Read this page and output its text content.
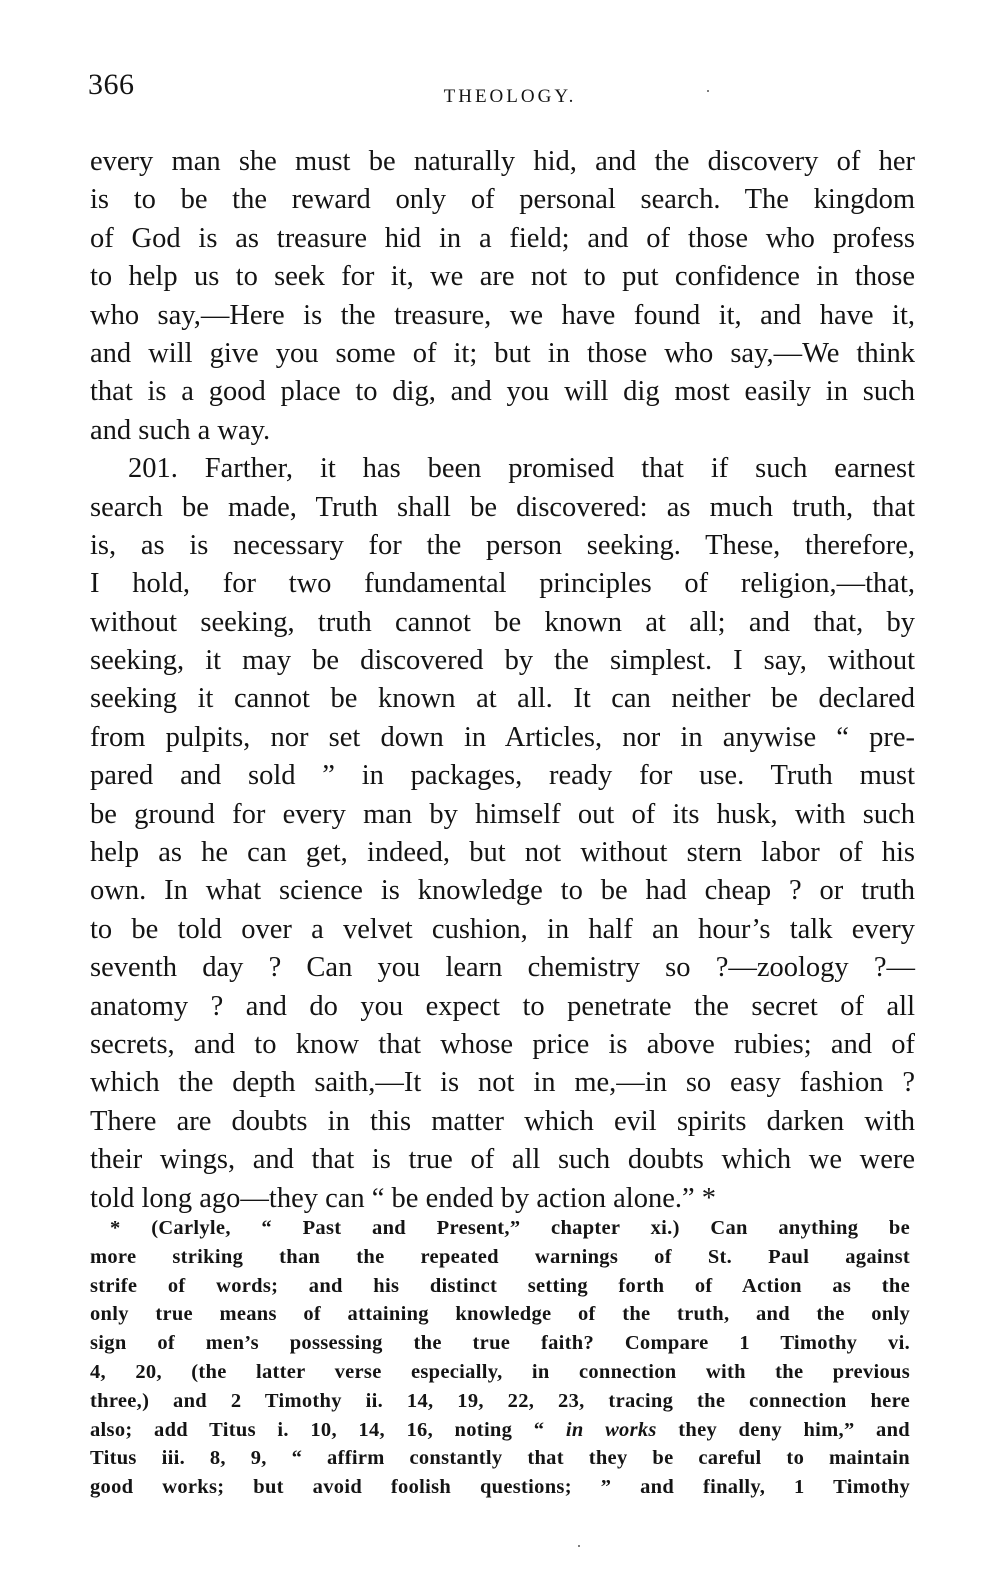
366	THEOLOGY.
every man she must be naturally hid, and the discovery of her
is to be the reward only of personal search. The kingdom
of God is as treasure hid in a field; and of those who profess
to help us to seek for it, we are not to put confidence in those
who say,—Here is the treasure, we have found it, and have it,
and will give you some of it; but in those who say,—We think
that is a good place to dig, and you will dig most easily in such
and such a way.
201. Farther, it has been promised that if such earnest
search be made, Truth shall be discovered: as much truth, that
is, as is necessary for the person seeking. These, therefore,
I hold, for two fundamental principles of religion,—that,
without seeking, truth cannot be known at all; and that, by
seeking, it may be discovered by the simplest. I say, without
seeking it cannot be known at all. It can neither be declared
from pulpits, nor set down in Articles, nor in anywise “ pre-
pared and sold ” in packages, ready for use. Truth must
be ground for every man by himself out of its husk, with such
help as he can get, indeed, but not without stern labor of his
own. In what science is knowledge to be had cheap ? or truth
to be told over a velvet cushion, in half an hour’s talk every
seventh day ? Can you learn chemistry so ?—zoology ?—
anatomy ? and do you expect to penetrate the secret of all
secrets, and to know that whose price is above rubies; and of
which the depth saith,—It is not in me,—in so easy fashion ?
There are doubts in this matter which evil spirits darken with
their wings, and that is true of all such doubts which we were
told long ago—they can “ be ended by action alone.” *
* (Carlyle, “ Past and Present,” chapter xi.) Can anything be
more striking than the repeated warnings of St. Paul against
strife of words; and his distinct setting forth of Action as the
only true means of attaining knowledge of the truth, and the only
sign of men’s possessing the true faith? Compare 1 Timothy vi.
4, 20, (the latter verse especially, in connection with the previous
three,) and 2 Timothy ii. 14, 19, 22, 23, tracing the connection here
also; add Titus i. 10, 14, 16, noting “ in works they deny him,” and
Titus iii. 8, 9, “ affirm constantly that they be careful to maintain
good works; but avoid foolish questions; ” and finally, 1 Timothy
